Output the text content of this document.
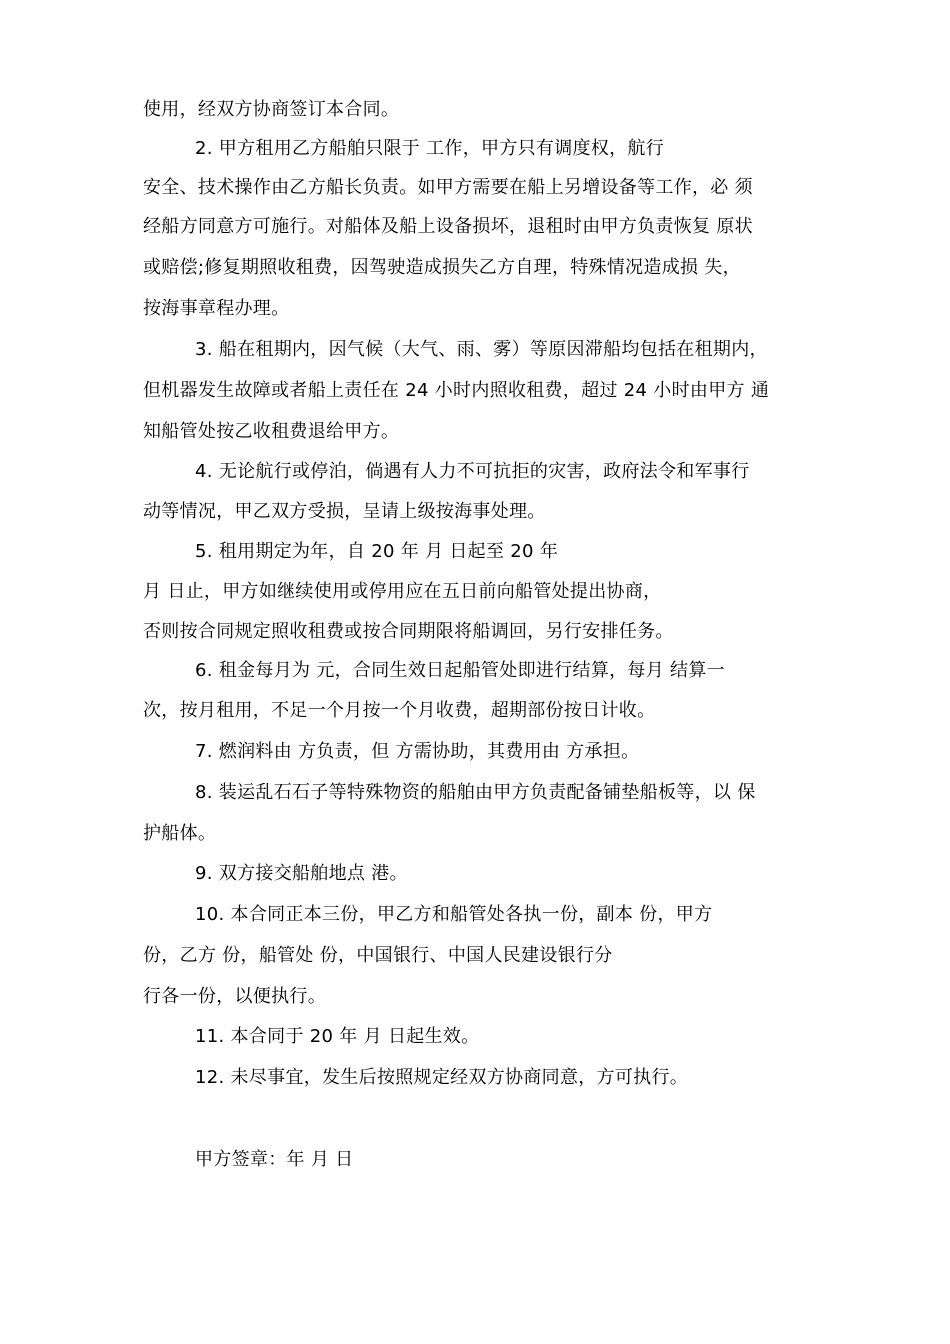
使用，经双方协商签订本合同。

2. 甲方租用乙方船舶只限于 工作，甲方只有调度权，航行

安全、技术操作由乙方船长负责。如甲方需要在船上另增设备等工作，必 须

经船方同意方可施行。对船体及船上设备损坏，退租时由甲方负责恢复 原状

或赔偿;修复期照收租费，因驾驶造成损失乙方自理，特殊情况造成损 失，

按海事章程办理。

3. 船在租期内，因气候（大气、雨、雾）等原因滞船均包括在租期内，

但机器发生故障或者船上责任在 24 小时内照收租费，超过 24 小时由甲方 通

知船管处按乙收租费退给甲方。

4. 无论航行或停泊，倘遇有人力不可抗拒的灾害，政府法令和军事行

动等情况，甲乙双方受损，呈请上级按海事处理。

5. 租用期定为年，自 20 年 月 日起至 20 年

月 日止，甲方如继续使用或停用应在五日前向船管处提出协商，

否则按合同规定照收租费或按合同期限将船调回，另行安排任务。

6. 租金每月为 元，合同生效日起船管处即进行结算，每月 结算一

次，按月租用，不足一个月按一个月收费，超期部份按日计收。

7. 燃润料由 方负责，但 方需协助，其费用由 方承担。

8. 装运乱石石子等特殊物资的船舶由甲方负责配备铺垫船板等，以 保

护船体。

9. 双方接交船舶地点 港。

10. 本合同正本三份，甲乙方和船管处各执一份，副本 份，甲方

份，乙方 份，船管处 份，中国银行、中国人民建设银行分

行各一份，以便执行。

11. 本合同于 20 年 月 日起生效。

12. 未尽事宜，发生后按照规定经双方协商同意，方可执行。

甲方签章：年 月 日
